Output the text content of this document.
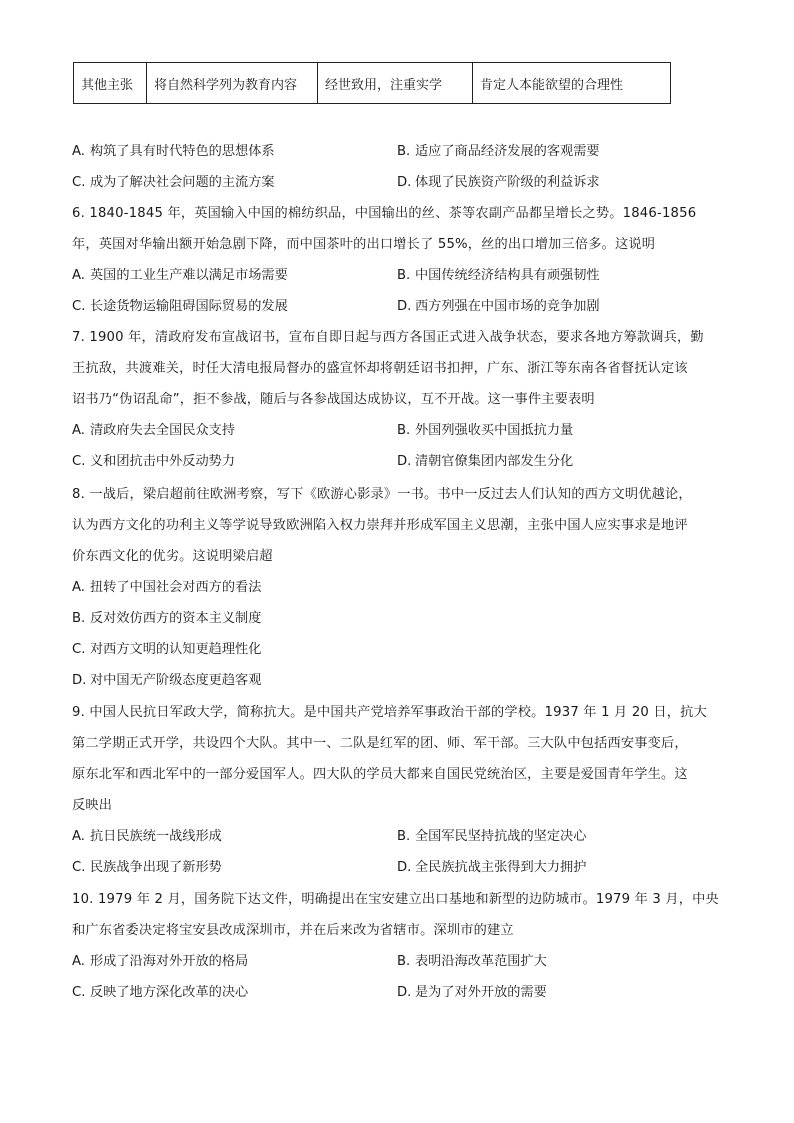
其他主张	将自然科学列为教育内容	经世致用，注重实学	肯定人本能欲望的合理性
A. 构筑了具有时代特色的思想体系	B. 适应了商品经济发展的客观需要
C. 成为了解决社会问题的主流方案	D. 体现了民族资产阶级的利益诉求
6. 1840-1845 年，英国输入中国的棉纺织品，中国输出的丝、茶等农副产品都呈增长之势。1846-1856
年，英国对华输出额开始急剧下降，而中国茶叶的出口增长了 55%，丝的出口增加三倍多。这说明
A. 英国的工业生产难以满足市场需要	B. 中国传统经济结构具有顽强韧性
C. 长途货物运输阻碍国际贸易的发展	D. 西方列强在中国市场的竞争加剧
7. 1900 年，清政府发布宣战诏书，宣布自即日起与西方各国正式进入战争状态，要求各地方筹款调兵，勤
王抗敌，共渡难关，时任大清电报局督办的盛宣怀却将朝廷诏书扣押，广东、浙江等东南各省督抚认定该
诏书乃“伪诏乱命”，拒不参战，随后与各参战国达成协议，互不开战。这一事件主要表明
A. 清政府失去全国民众支持	B. 外国列强收买中国抵抗力量
C. 义和团抗击中外反动势力	D. 清朝官僚集团内部发生分化
8. 一战后，梁启超前往欧洲考察，写下《欧游心影录》一书。书中一反过去人们认知的西方文明优越论，
认为西方文化的功利主义等学说导致欧洲陷入权力崇拜并形成军国主义思潮，主张中国人应实事求是地评
价东西文化的优劣。这说明梁启超
A. 扭转了中国社会对西方的看法
B. 反对效仿西方的资本主义制度
C. 对西方文明的认知更趋理性化
D. 对中国无产阶级态度更趋客观
9. 中国人民抗日军政大学，简称抗大。是中国共产党培养军事政治干部的学校。1937 年 1 月 20 日，抗大
第二学期正式开学，共设四个大队。其中一、二队是红军的团、师、军干部。三大队中包括西安事变后，
原东北军和西北军中的一部分爱国军人。四大队的学员大都来自国民党统治区，主要是爱国青年学生。这
反映出
A. 抗日民族统一战线形成	B. 全国军民坚持抗战的坚定决心
C. 民族战争出现了新形势	D. 全民族抗战主张得到大力拥护
10. 1979 年 2 月，国务院下达文件，明确提出在宝安建立出口基地和新型的边防城市。1979 年 3 月，中央
和广东省委决定将宝安县改成深圳市，并在后来改为省辖市。深圳市的建立
A. 形成了沿海对外开放的格局	B. 表明沿海改革范围扩大
C. 反映了地方深化改革的决心	D. 是为了对外开放的需要
